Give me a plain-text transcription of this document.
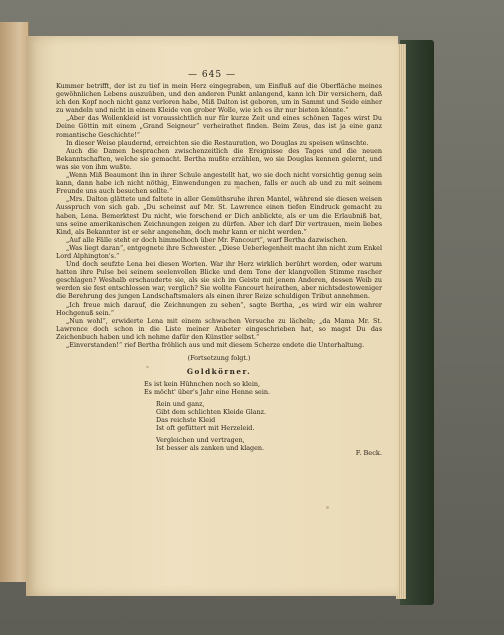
— 645 —

Kummer betrifft, der ist zu tief in mein Herz eingegraben, um Einfluß auf die Oberfläche meines gewöhnlichen Lebens auszuüben, und den anderen Punkt anlangend, kann ich Dir versichern, daß ich den Kopf noch nicht ganz verloren habe, Miß Dalton ist geboren, um in Sammt und Seide einher zu wandeln und nicht in einem Kleide von grober Wolle, wie ich es ihr nur bieten könnte.“

„Aber das Wollenkleid ist voraussichtlich nur für kurze Zeit und eines schönen Tages wirst Du Deine Göttin mit einem „Grand Seigneur“ verheirathet finden. Beim Zeus, das ist ja eine ganz romantische Geschichte!“

In dieser Weise plaudernd, erreichten sie die Restauration, wo Douglas zu speisen wünschte.

Auch die Damen besprachen zwischenzeitlich die Ereignisse des Tages und die neuen Bekanntschaften, welche sie gemacht. Bertha mußte erzählen, wo sie Douglas kennen gelernt, und was sie von ihm wußte.

„Wenn Miß Beaumont ihn in ihrer Schule angestellt hat, wo sie doch nicht vorsichtig genug sein kann, dann habe ich nicht nöthig, Einwendungen zu machen, falls er auch ab und zu mit seinem Freunde uns auch besuchen sollte.“

„Mrs. Dalton glättete und faltete in aller Gemüthsruhe ihren Mantel, während sie diesen weisen Ausspruch von sich gab. „Du scheinst auf Mr. St. Lawrence einen tiefen Eindruck gemacht zu haben, Lena. Bemerktest Du nicht, wie forschend er Dich anblickte, als er um die Erlaubniß bat, uns seine amerikanischen Zeichnungen zeigen zu dürfen. Aber ich darf Dir vertrauen, mein liebes Kind, als Bekannter ist er sehr angenehm, doch mehr kann er nicht werden.“

„Auf alle Fälle steht er doch himmelhoch über Mr. Fancourt“, warf Bertha dazwischen.

„Was liegt daran“, entgegnete ihre Schwester. „Diese Ueberlegenheit macht ihn nicht zum Enkel Lord Alphington's.“

Und doch seufzte Lena bei diesen Worten. War ihr Herz wirklich berührt worden, oder warum hatten ihre Pulse bei seinem seelenvollen Blicke und dem Tone der klangvollen Stimme rascher geschlagen? Weshalb erschauderte sie, als sie sich im Geiste mit jenem Anderen, dessen Weib zu werden sie fest entschlossen war, verglich? Sie wollte Fancourt heirathen, aber nichtsdestoweniger die Berehrung des jungen Landschaftsmalers als einen ihrer Reize schuldigen Tribut annehmen.

„Ich freue mich darauf, die Zeichnungen zu sehen“, sagte Bertha, „es wird wir ein wahrer Hochgenuß sein.“

„Nun wohl“, erwiderte Lena mit einem schwachen Versuche zu lächeln; „da Mama Mr. St. Lawrence doch schon in die Liste meiner Anbeter eingeschrieben hat, so magst Du das Zeichenbuch haben und ich nehme dafür den Künstler selbst.“

„Einverstanden!“ rief Bertha fröhlich aus und mit diesem Scherze endete die Unterhaltung.

(Fortsetzung folgt.)
Goldkörner.
Es ist kein Hühnchen noch so klein,
Es möcht' über's Jahr eine Henne sein.
Rein und ganz,
Gibt dem schlichten Kleide Glanz.
Das reichste Kleid
Ist oft gefüttert mit Herzeleid.
Vergleichen und vertragen,
Ist besser als zanken und klagen.
F. Beck.
